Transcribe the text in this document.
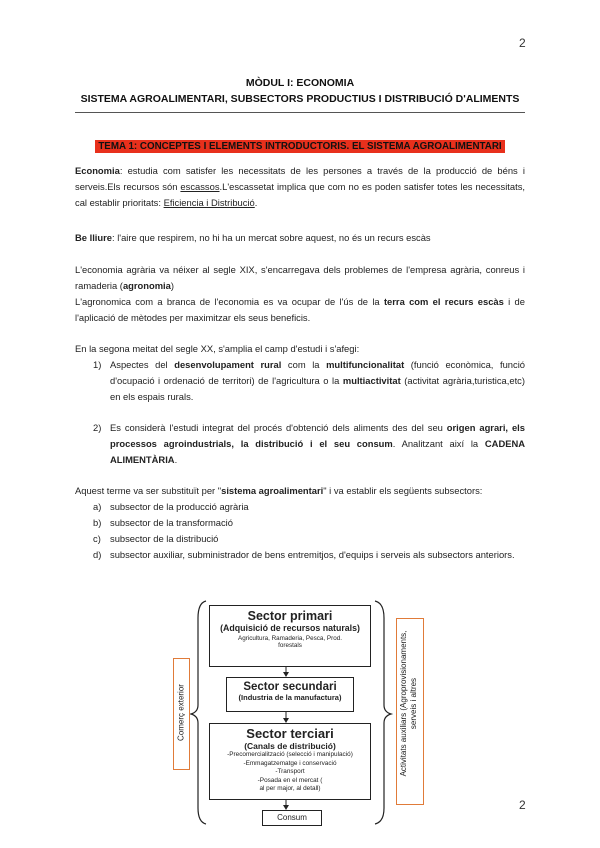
2
MÒDUL I: ECONOMIA
SISTEMA AGROALIMENTARI, SUBSECTORS PRODUCTIUS I DISTRIBUCIÓ D'ALIMENTS
TEMA 1: CONCEPTES I ELEMENTS INTRODUCTORIS. EL SISTEMA AGROALIMENTARI
Economia: estudia com satisfer les necessitats de les persones a través de la producció de béns i serveis.Els recursos són escassos.L'escassetat implica que com no es poden satisfer totes les necessitats, cal establir prioritats: Eficiencia i Distribució.
Be lliure: l'aire que respirem, no hi ha un mercat sobre aquest, no és un recurs escàs
L'economia agrària va néixer al segle XIX, s'encarregava dels problemes de l'empresa agrària, conreus i ramaderia (agronomia)
L'agronomica com a branca de l'economia es va ocupar de l'ús de la terra com el recurs escàs i de l'aplicació de mètodes per maximitzar els seus beneficis.
En la segona meitat del segle XX, s'amplia el camp d'estudi i s'afegi:
1) Aspectes del desenvolupament rural com la multifuncionalitat (funció econòmica, funció d'ocupació i ordenació de territori) de l'agricultura o la multiactivitat (activitat agrària,turistica,etc) en els espais rurals.
2) Es considerà l'estudi integrat del procés d'obtenció dels aliments des del seu origen agrari, els processos agroindustrials, la distribució i el seu consum. Analitzant així la CADENA ALIMENTÀRIA.
Aquest terme va ser substituït per "sistema agroalimentari" i va establir els següents subsectors:
a) subsector de la producció agrària
b) subsector de la transformació
c) subsector de la distribució
d) subsector auxiliar, subministrador de bens entremitjos, d'equips i serveis als subsectors anteriors.
Sector primari
(Adquisició de recursos naturals)
Agricultura, Ramaderia, Pesca, Prod.
forestals
Sector secundari
(Industria de la manufactura)
Sector terciari
(Canals de distribució)
-Precomercialització (selecció i manipulació)
-Emmagatzematge i conservació
-Transport
-Posada en el mercat (
al per major, al detall)
Consum
Comerç exterior	Activitats auxiliars (Agroprovisionaments, serveis i altres
2
